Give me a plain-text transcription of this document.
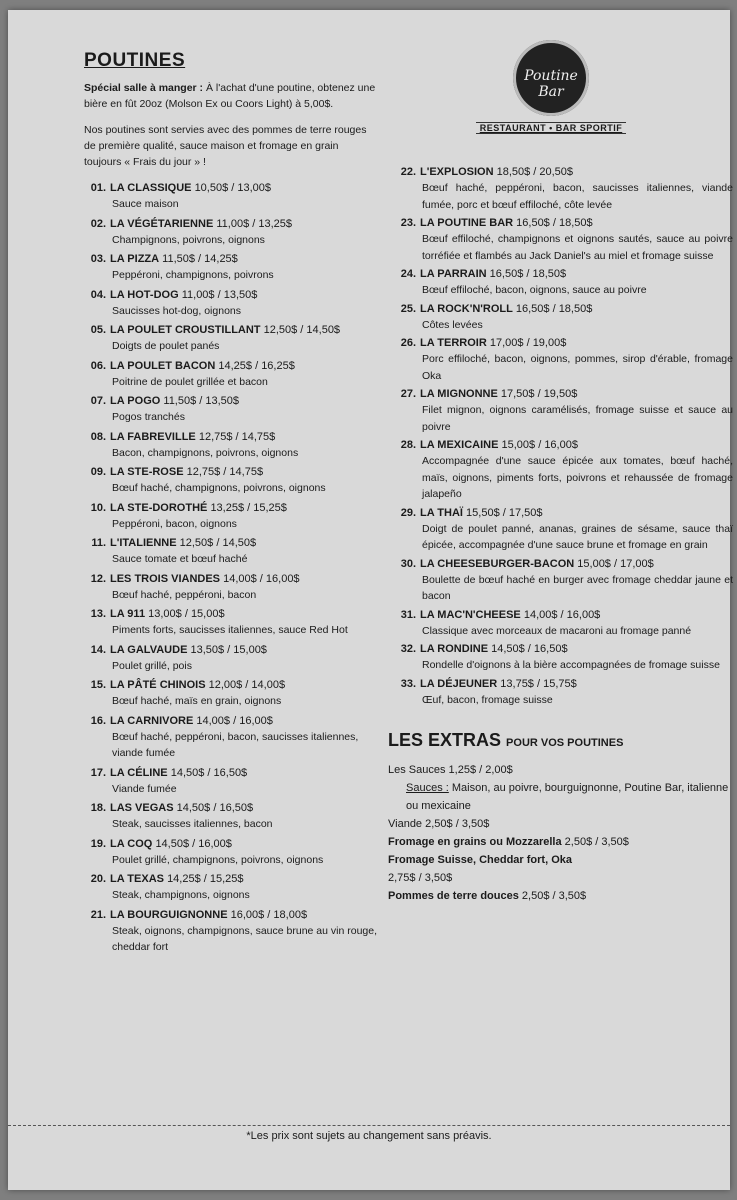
POUTINES

Spécial salle à manger : À l'achat d'une poutine, obtenez une bière en fût 20oz (Molson Ex ou Coors Light) à 5,00$.

Nos poutines sont servies avec des pommes de terre rouges de première qualité, sauce maison et fromage en grain toujours « Frais du jour » !

01. LA CLASSIQUE 10,50$ / 13,00$
Sauce maison
02. LA VÉGÉTARIENNE 11,00$ / 13,25$
Champignons, poivrons, oignons
03. LA PIZZA 11,50$ / 14,25$
Peppéroni, champignons, poivrons
04. LA HOT-DOG 11,00$ / 13,50$
Saucisses hot-dog, oignons
05. LA POULET CROUSTILLANT 12,50$ / 14,50$
Doigts de poulet panés
06. LA POULET BACON 14,25$ / 16,25$
Poitrine de poulet grillée et bacon
07. LA POGO 11,50$ / 13,50$
Pogos tranchés
08. LA FABREVILLE 12,75$ / 14,75$
Bacon, champignons, poivrons, oignons
09. LA STE-ROSE 12,75$ / 14,75$
Bœuf haché, champignons, poivrons, oignons
10. LA STE-DOROTHÉ 13,25$ / 15,25$
Peppéroni, bacon, oignons
11. L'ITALIENNE 12,50$ / 14,50$
Sauce tomate et bœuf haché
12. LES TROIS VIANDES 14,00$ / 16,00$
Bœuf haché, peppéroni, bacon
13. LA 911 13,00$ / 15,00$
Piments forts, saucisses italiennes, sauce Red Hot
14. LA GALVAUDE 13,50$ / 15,00$
Poulet grillé, pois
15. LA PÂTÉ CHINOIS 12,00$ / 14,00$
Bœuf haché, maïs en grain, oignons
16. LA CARNIVORE 14,00$ / 16,00$
Bœuf haché, peppéroni, bacon, saucisses italiennes, viande fumée
17. LA CÉLINE 14,50$ / 16,50$
Viande fumée
18. LAS VEGAS 14,50$ / 16,50$
Steak, saucisses italiennes, bacon
19. LA COQ 14,50$ / 16,00$
Poulet grillé, champignons, poivrons, oignons
20. LA TEXAS 14,25$ / 15,25$
Steak, champignons, oignons
21. LA BOURGUIGNONNE 16,00$ / 18,00$
Steak, oignons, champignons, sauce brune au vin rouge, cheddar fort
Poutine Bar
RESTAURANT • BAR SPORTIF
22. L'EXPLOSION 18,50$ / 20,50$
Bœuf haché, peppéroni, bacon, saucisses italiennes, viande fumée, porc et bœuf effiloché, côte levée
23. LA POUTINE BAR 16,50$ / 18,50$
Bœuf effiloché, champignons et oignons sautés, sauce au poivre torréfiée et flambés au Jack Daniel's au miel et fromage suisse
24. LA PARRAIN 16,50$ / 18,50$
Bœuf effiloché, bacon, oignons, sauce au poivre
25. LA ROCK'N'ROLL 16,50$ / 18,50$
Côtes levées
26. LA TERROIR 17,00$ / 19,00$
Porc effiloché, bacon, oignons, pommes, sirop d'érable, fromage Oka
27. LA MIGNONNE 17,50$ / 19,50$
Filet mignon, oignons caramélisés, fromage suisse et sauce au poivre
28. LA MEXICAINE 15,00$ / 16,00$
Accompagnée d'une sauce épicée aux tomates, bœuf haché, maïs, oignons, piments forts, poivrons et rehaussée de fromage jalapeño
29. LA THAÏ 15,50$ / 17,50$
Doigt de poulet panné, ananas, graines de sésame, sauce thaï épicée, accompagnée d'une sauce brune et fromage en grain
30. LA CHEESEBURGER-BACON 15,00$ / 17,00$
Boulette de bœuf haché en burger avec fromage cheddar jaune et bacon
31. LA MAC'N'CHEESE 14,00$ / 16,00$
Classique avec morceaux de macaroni au fromage panné
32. LA RONDINE 14,50$ / 16,50$
Rondelle d'oignons à la bière accompagnées de fromage suisse
33. LA DÉJEUNER 13,75$ / 15,75$
Œuf, bacon, fromage suisse
LES EXTRAS POUR VOS POUTINES
Les Sauces 1,25$ / 2,00$
Sauces : Maison, au poivre, bourguignonne, Poutine Bar, italienne ou mexicaine
Viande 2,50$ / 3,50$
Fromage en grains ou Mozzarella 2,50$ / 3,50$
Fromage Suisse, Cheddar fort, Oka
2,75$ / 3,50$
Pommes de terre douces 2,50$ / 3,50$
*Les prix sont sujets au changement sans préavis.
